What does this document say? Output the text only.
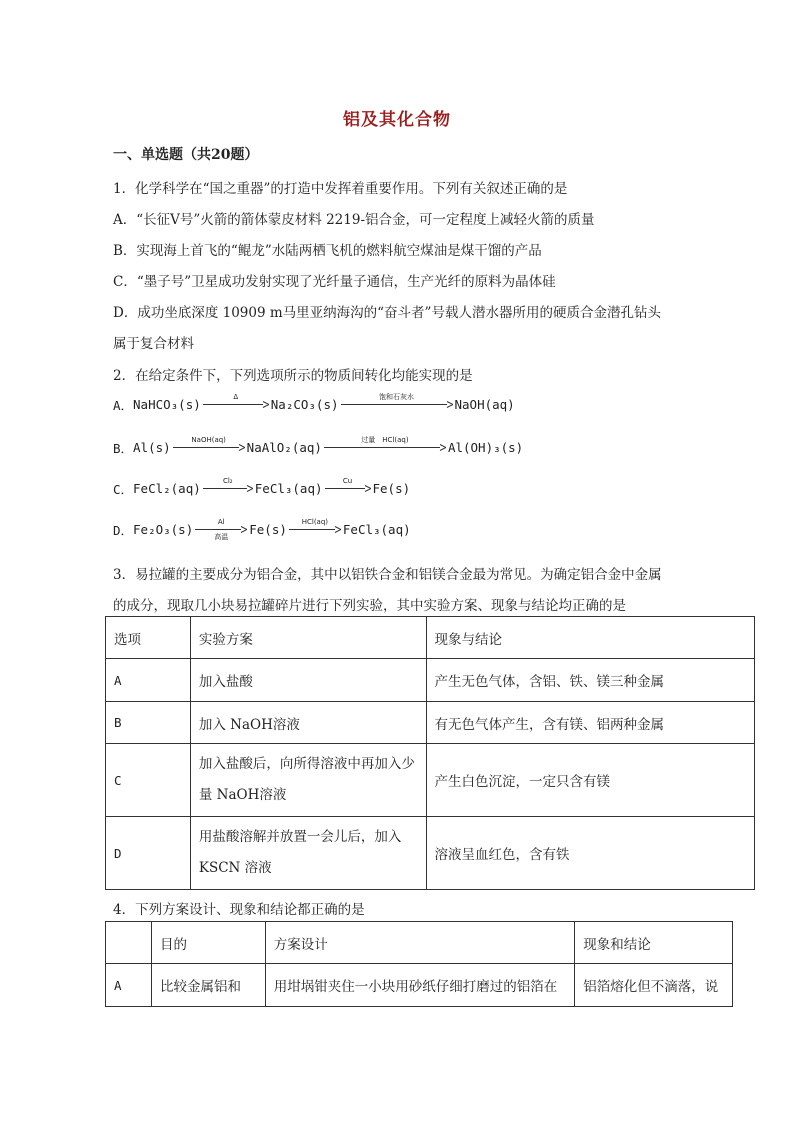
铝及其化合物
一、单选题（共20题）
1．化学科学在“国之重器”的打造中发挥着重要作用。下列有关叙述正确的是
A．“长征Ⅴ号”火箭的箭体蒙皮材料 2219-铝合金，可一定程度上减轻火箭的质量
B．实现海上首飞的“鲲龙”水陆两栖飞机的燃料航空煤油是煤干馏的产品
C．“墨子号”卫星成功发射实现了光纤量子通信，生产光纤的原料为晶体硅
D．成功坐底深度 10909 m马里亚纳海沟的“奋斗者”号载人潜水器所用的硬质合金潜孔钻头
属于复合材料
2．在给定条件下，下列选项所示的物质间转化均能实现的是
A． NaHCO₃(s)	Δ	Na₂CO₃(s)	饱和石灰水	NaOH(aq)
B． Al(s)	NaOH(aq) NaAlO₂(aq)	过量　HCl(aq)	Al(OH)₃(s)
C． FeCl₂(aq)	Cl₂ FeCl₃(aq)	Cu Fe(s)
D． Fe₂O₃(s)	Al
高温 Fe(s) HCl(aq) FeCl₃(aq)
3．易拉罐的主要成分为铝合金，其中以铝铁合金和铝镁合金最为常见。为确定铝合金中金属
的成分，现取几小块易拉罐碎片进行下列实验，其中实验方案、现象与结论均正确的是
选项	实验方案	现象与结论
A	加入盐酸	产生无色气体，含铝、铁、镁三种金属
B	加入 NaOH溶液	有无色气体产生，含有镁、铝两种金属
C	加入盐酸后，向所得溶液中再加入少
量 NaOH溶液	产生白色沉淀，一定只含有镁
D	用盐酸溶解并放置一会儿后，加入
KSCN 溶液	溶液呈血红色，含有铁
4．下列方案设计、现象和结论都正确的是
	目的	方案设计	现象和结论
A	比较金属铝和	用坩埚钳夹住一小块用砂纸仔细打磨过的铝箔在	铝箔熔化但不滴落，说
